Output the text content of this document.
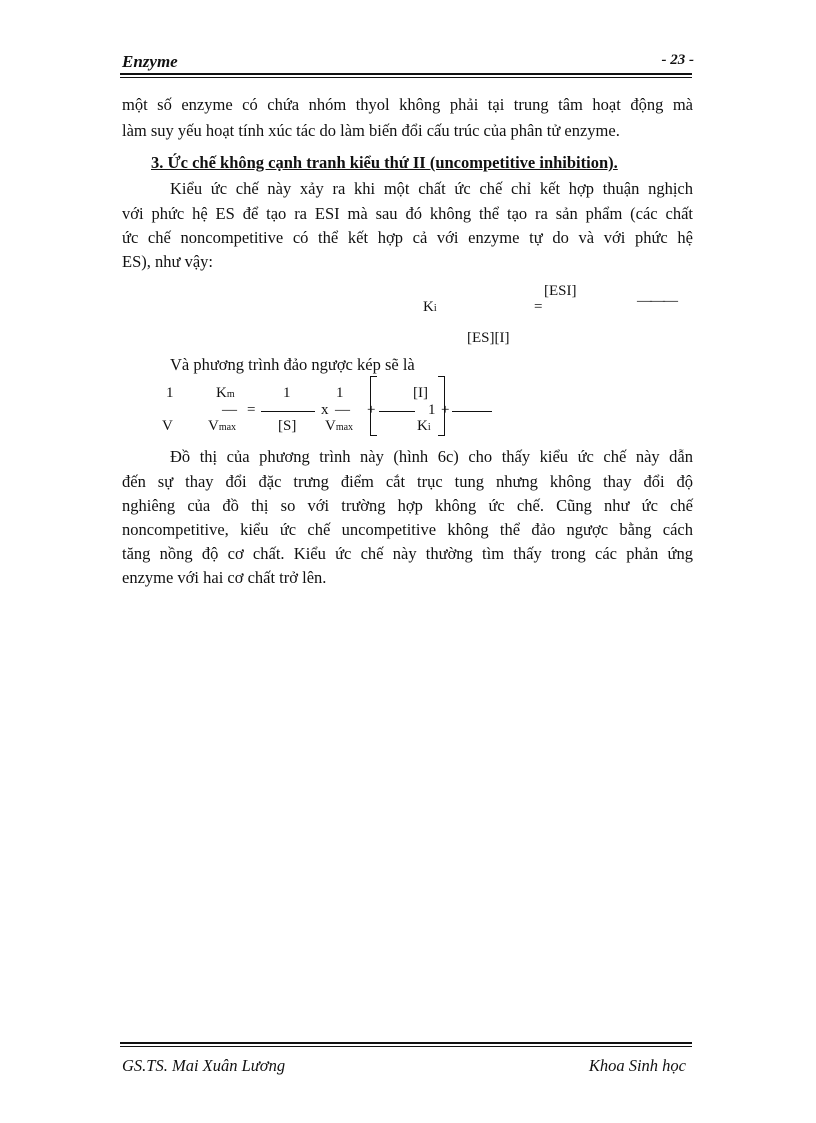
Enzyme	- 23 -
một số enzyme có chứa nhóm thyol không phải tại trung tâm hoạt động mà
làm suy yếu hoạt tính xúc tác do làm biến đổi cấu trúc của phân tử enzyme.
3. Ức chế không cạnh tranh kiểu thứ II (uncompetitive inhibition).
Kiểu ức chế này xảy ra khi một chất ức chế chỉ kết hợp thuận nghịch
với phức hệ ES để tạo ra ESI mà sau đó không thể tạo ra sản phẩm (các chất
ức chế noncompetitive có thể kết hợp cả với enzyme tự do và với phức hệ
ES), như vậy:
[ESI]
Ki	=	———
[ES][I]
Và phương trình đảo ngược kép sẽ là
1
V
Km
— =
Vmax
1
[S]
x
1
—
Vmax
+
[I]
1
Ki
+
Đồ thị của phương trình này (hình 6c) cho thấy kiểu ức chế này dẫn
đến sự thay đổi đặc trưng điểm cắt trục tung nhưng không thay đổi độ
nghiêng của đồ thị so với trường hợp không ức chế. Cũng như ức chế
noncompetitive, kiểu ức chế uncompetitive không thể đảo ngược bằng cách
tăng nồng độ cơ chất. Kiểu ức chế này thường tìm thấy trong các phản ứng
enzyme với hai cơ chất trở lên.
GS.TS. Mai Xuân Lương	Khoa Sinh học
